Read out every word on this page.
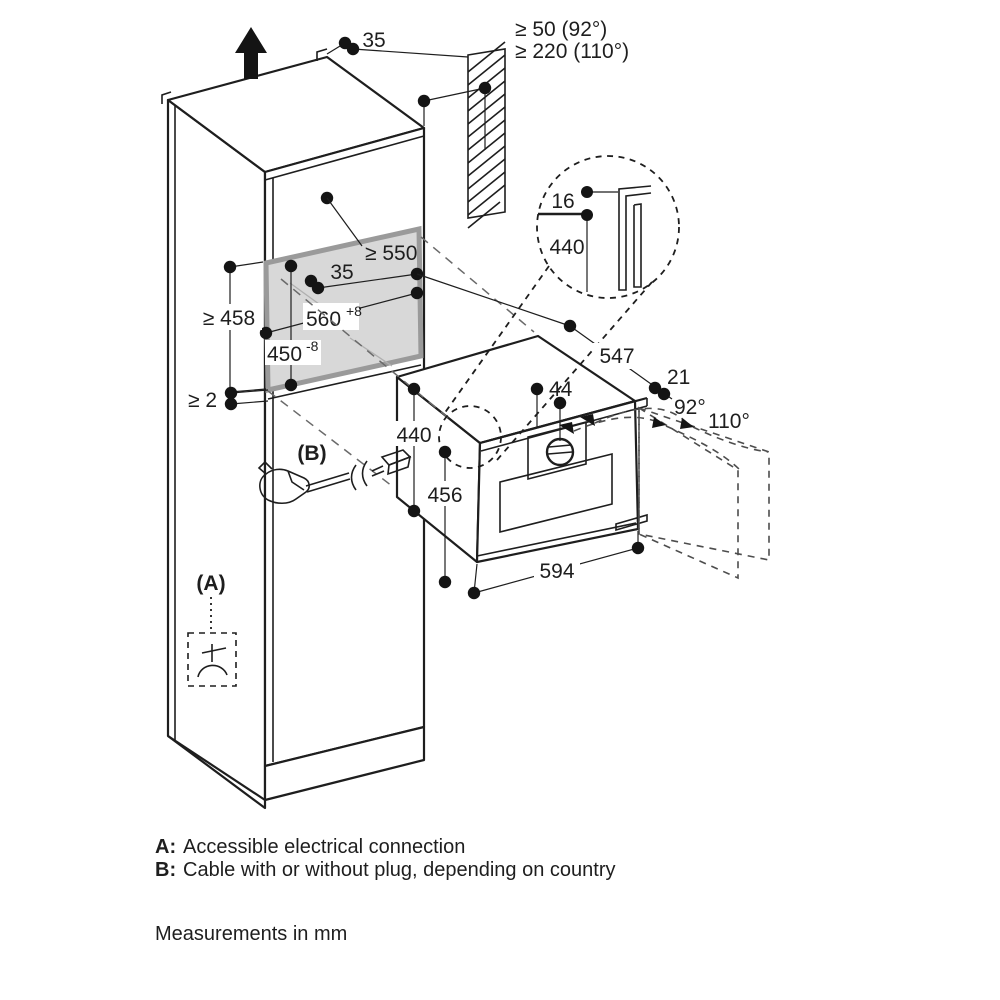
35	≥ 50 (92°)
≥ 220 (110°)
≥ 550
35
560 +8
450 -8
≥ 458
≥ 2
16
440
440
456
594
44
547
21
92°
110°
(B)
(A)
A: Accessible electrical connection
B: Cable with or without plug, depending on country
Measurements in mm
